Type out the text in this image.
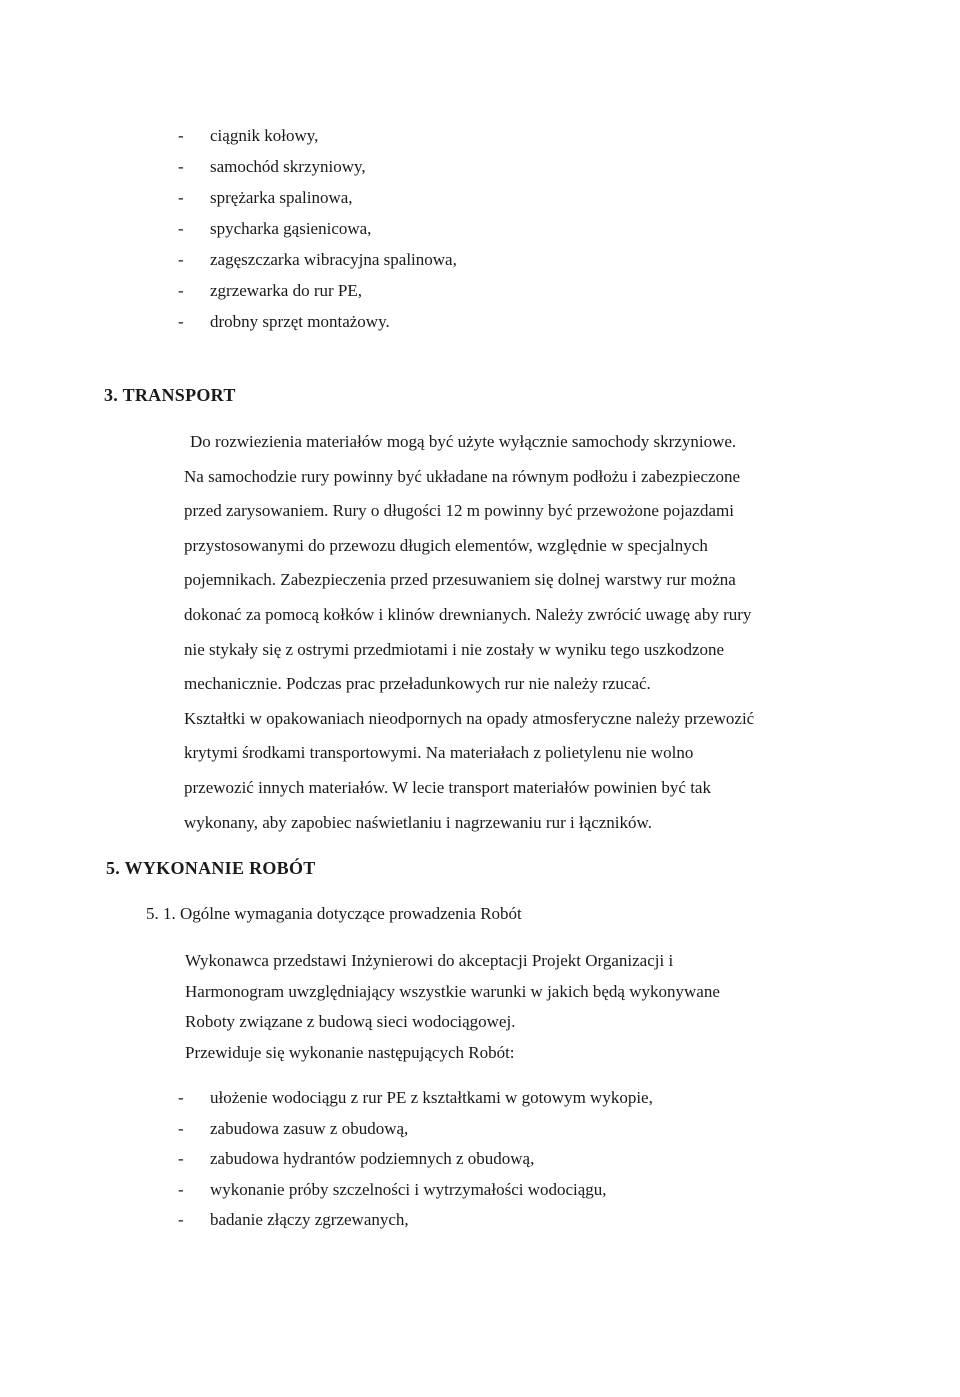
- ciągnik kołowy,
- samochód skrzyniowy,
- sprężarka spalinowa,
- spycharka gąsienicowa,
- zagęszczarka wibracyjna spalinowa,
- zgrzewarka do rur PE,
- drobny sprzęt montażowy.
3. TRANSPORT
Do rozwiezienia materiałów mogą być użyte wyłącznie samochody skrzyniowe.
Na samochodzie rury powinny być układane na równym podłożu i zabezpieczone
przed zarysowaniem. Rury o długości 12 m powinny być przewożone pojazdami
przystosowanymi do przewozu długich elementów, względnie w specjalnych
pojemnikach. Zabezpieczenia przed przesuwaniem się dolnej warstwy rur można
dokonać za pomocą kołków i klinów drewnianych. Należy zwrócić uwagę aby rury
nie stykały się z ostrymi przedmiotami i nie zostały w wyniku tego uszkodzone
mechanicznie. Podczas prac przeładunkowych rur nie należy rzucać.
Kształtki w opakowaniach nieodpornych na opady atmosferyczne należy przewozić
krytymi środkami transportowymi. Na materiałach z polietylenu nie wolno
przewozić innych materiałów. W lecie transport materiałów powinien być tak
wykonany, aby zapobiec naświetlaniu i nagrzewaniu rur i łączników.
5. WYKONANIE ROBÓT
5. 1. Ogólne wymagania dotyczące prowadzenia Robót
Wykonawca przedstawi Inżynierowi do akceptacji Projekt Organizacji i
Harmonogram uwzględniający wszystkie warunki w jakich będą wykonywane
Roboty związane z budową sieci wodociągowej.
Przewiduje się wykonanie następujących Robót:
- ułożenie wodociągu z rur PE z kształtkami w gotowym wykopie,
- zabudowa zasuw z obudową,
- zabudowa hydrantów podziemnych z obudową,
- wykonanie próby szczelności i wytrzymałości wodociągu,
- badanie złączy zgrzewanych,
